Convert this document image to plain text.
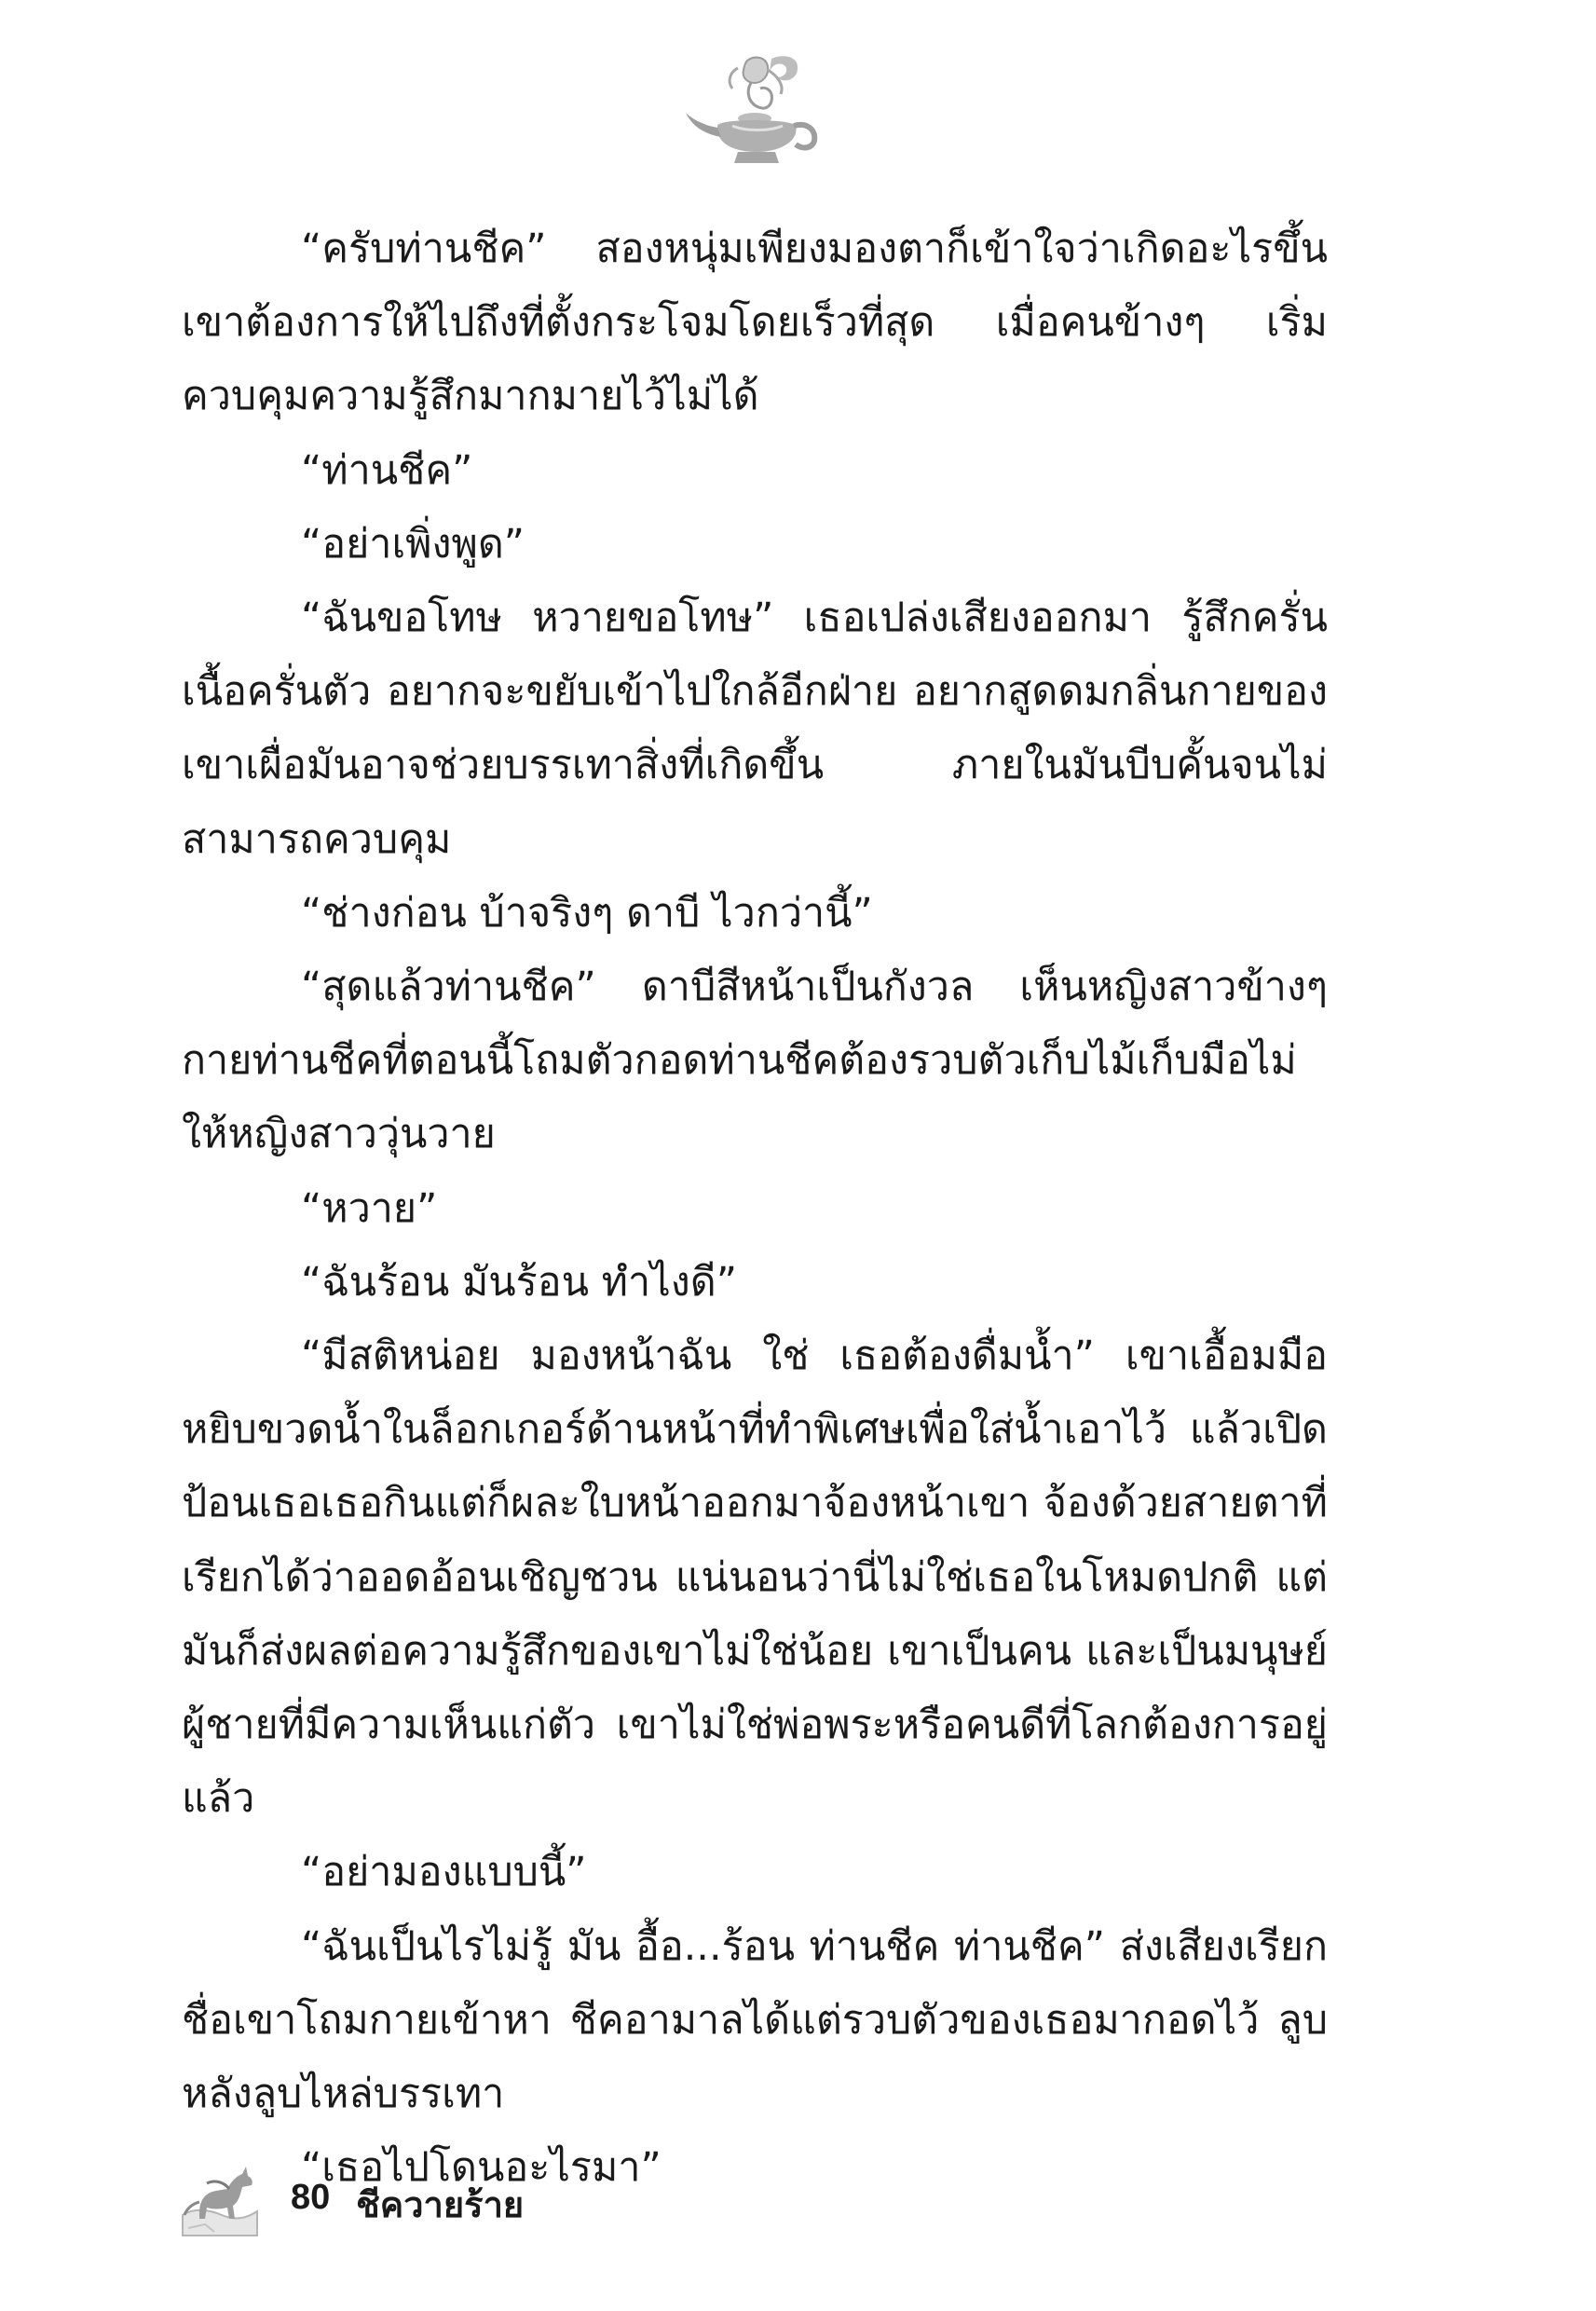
“ครับท่านชีค” สองหนุ่มเพียงมองตาก็เข้าใจว่าเกิดอะไรขึ้น เขาต้องการให้ไปถึงที่ตั้งกระโจมโดยเร็วที่สุด เมื่อคนข้างๆ เริ่มควบคุมความรู้สึกมากมายไว้ไม่ได้

“ท่านชีค”

“อย่าเพิ่งพูด”

“ฉันขอโทษ หวายขอโทษ” เธอเปล่งเสียงออกมา รู้สึกครั่นเนื้อครั่นตัว อยากจะขยับเข้าไปใกล้อีกฝ่าย อยากสูดดมกลิ่นกายของเขาเผื่อมันอาจช่วยบรรเทาสิ่งที่เกิดขึ้น ภายในมันบีบคั้นจนไม่สามารถควบคุม

“ช่างก่อน บ้าจริงๆ ดาบี ไวกว่านี้”

“สุดแล้วท่านชีค” ดาบีสีหน้าเป็นกังวล เห็นหญิงสาวข้างๆ กายท่านชีคที่ตอนนี้โถมตัวกอดท่านชีคต้องรวบตัวเก็บไม้เก็บมือไม่ให้หญิงสาววุ่นวาย

“หวาย”

“ฉันร้อน มันร้อน ทำไงดี”

“มีสติหน่อย มองหน้าฉัน ใช่ เธอต้องดื่มน้ำ” เขาเอื้อมมือหยิบขวดน้ำในล็อกเกอร์ด้านหน้าที่ทำพิเศษเพื่อใส่น้ำเอาไว้ แล้วเปิดป้อนเธอเธอกินแต่ก็ผละใบหน้าออกมาจ้องหน้าเขา จ้องด้วยสายตาที่เรียกได้ว่าออดอ้อนเชิญชวน แน่นอนว่านี่ไม่ใช่เธอในโหมดปกติ แต่มันก็ส่งผลต่อความรู้สึกของเขาไม่ใช่น้อย เขาเป็นคน และเป็นมนุษย์ผู้ชายที่มีความเห็นแก่ตัว เขาไม่ใช่พ่อพระหรือคนดีที่โลกต้องการอยู่แล้ว

“อย่ามองแบบนี้”

“ฉันเป็นไรไม่รู้ มัน อื้อ...ร้อน ท่านชีค ท่านชีค” ส่งเสียงเรียกชื่อเขาโถมกายเข้าหา ชีคอามาลได้แต่รวบตัวของเธอมากอดไว้ ลูบหลังลูบไหล่บรรเทา

“เธอไปโดนอะไรมา”

80 ชีควายร้าย
